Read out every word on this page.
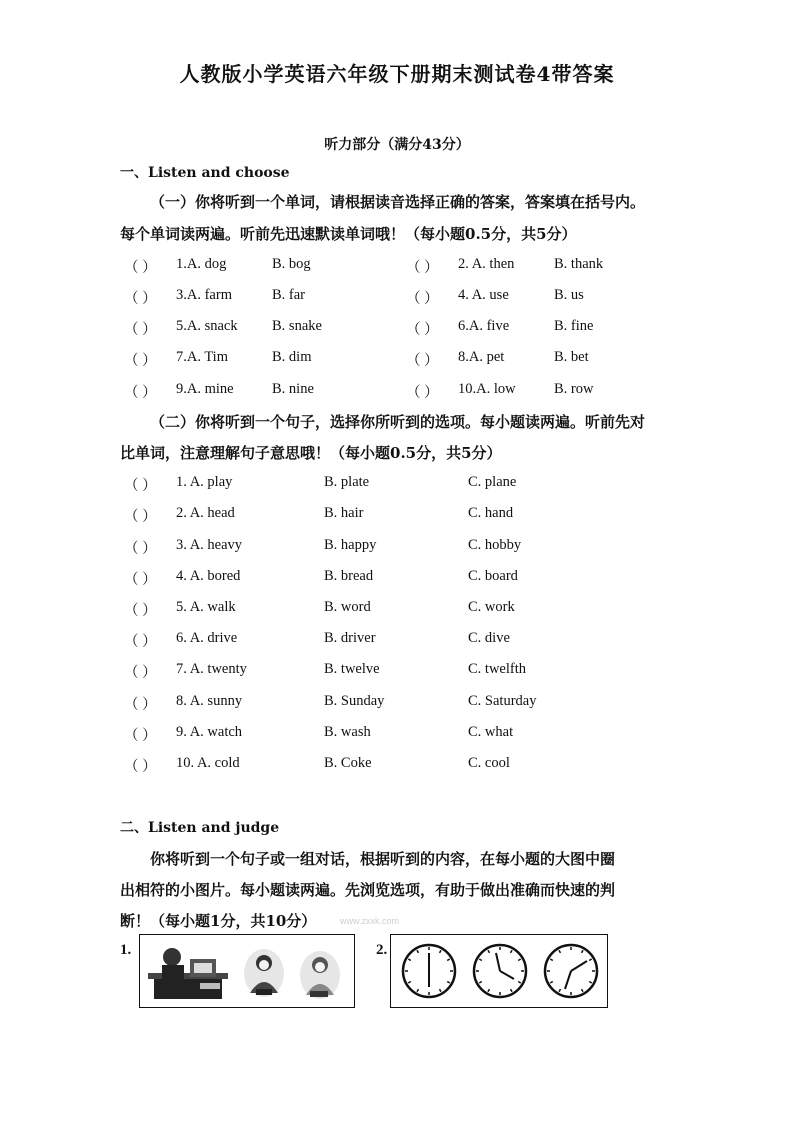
人教版小学英语六年级下册期末测试卷4带答案
听力部分（满分43分）
一、Listen and choose
（一）你将听到一个单词，请根据读音选择正确的答案，答案填在括号内。
每个单词读两遍。听前先迅速默读单词哦！（每小题0.5分，共5分）
（ ） 1.A. dog	B. bog	（ ） 2. A. then	B. thank
（ ） 3.A. farm	B. far	（ ） 4. A. use	B. us
（ ） 5.A. snack B. snake	（ ） 6.A. five	B. fine
（ ） 7.A. Tim	B. dim	（ ） 8.A. pet	B. bet
（ ） 9.A. mine	B. nine	（ ） 10.A. low	B. row
（二）你将听到一个句子，选择你所听到的选项。每小题读两遍。听前先对
比单词，注意理解句子意思哦！（每小题0.5分，共5分）
（ ） 1. A. play	B. plate	C. plane
（ ） 2. A. head	B. hair	C. hand
（ ） 3. A. heavy	B. happy	C. hobby
（ ） 4. A. bored	B. bread	C. board
（ ） 5. A. walk	B. word	C. work
（ ） 6. A. drive	B. driver	C. dive
（ ） 7. A. twenty	B. twelve	C. twelfth
（ ） 8. A. sunny	B. Sunday	C. Saturday
（ ） 9. A. watch	B. wash	C. what
（ ） 10. A. cold	B. Coke	C. cool
二、Listen and judge
你将听到一个句子或一组对话，根据听到的内容，在每小题的大图中圈
出相符的小图片。每小题读两遍。先浏览选项，有助于做出准确而快速的判
断！（每小题1分，共10分）	www.zxxk.com
1.	2.
